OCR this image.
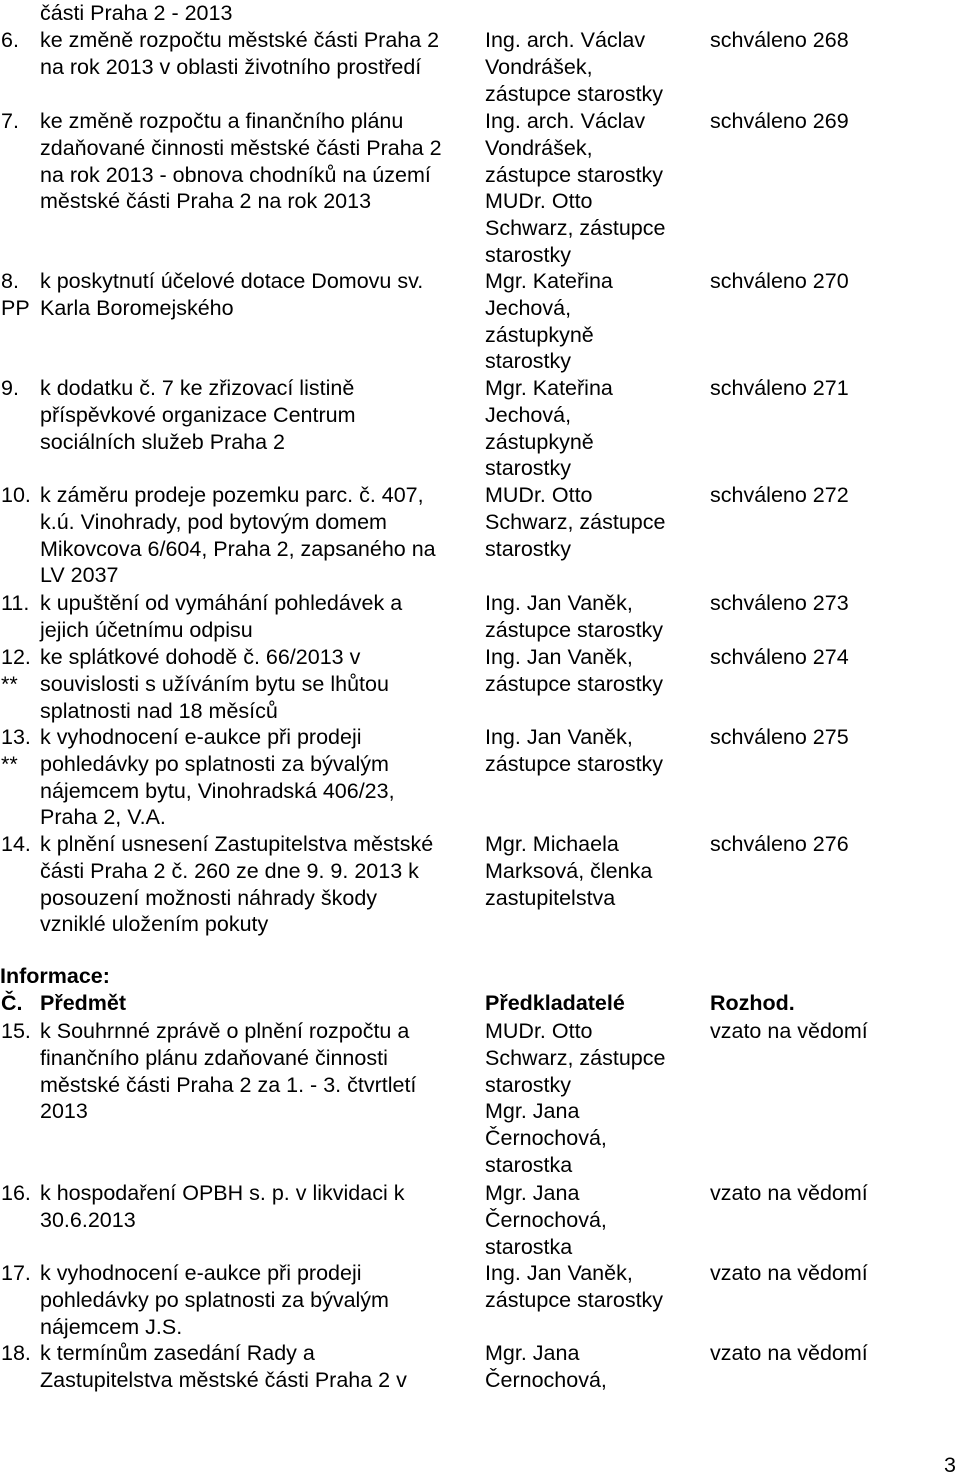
části Praha 2 - 2013
6. ke změně rozpočtu městské části Praha 2
na rok 2013 v oblasti životního prostředí
Ing. arch. Václav
Vondrášek,
zástupce starostky
schváleno 268
7. ke změně rozpočtu a finančního plánu
zdaňované činnosti městské části Praha 2
na rok 2013 - obnova chodníků na území
městské části Praha 2 na rok 2013
Ing. arch. Václav
Vondrášek,
zástupce starostky
MUDr. Otto
Schwarz, zástupce
starostky
schváleno 269
8.
PP
k poskytnutí účelové dotace Domovu sv.
Karla Boromejského
Mgr. Kateřina
Jechová,
zástupkyně
starostky
schváleno 270
9. k dodatku č. 7 ke zřizovací listině
příspěvkové organizace Centrum
sociálních služeb Praha 2
Mgr. Kateřina
Jechová,
zástupkyně
starostky
schváleno 271
10. k záměru prodeje pozemku parc. č. 407,
k.ú. Vinohrady, pod bytovým domem
Mikovcova 6/604, Praha 2, zapsaného na
LV 2037
MUDr. Otto
Schwarz, zástupce
starostky
schváleno 272
11. k upuštění od vymáhání pohledávek a
jejich účetnímu odpisu
Ing. Jan Vaněk,
zástupce starostky
schváleno 273
12.
**
ke splátkové dohodě č. 66/2013 v
souvislosti s užíváním bytu se lhůtou
splatnosti nad 18 měsíců
Ing. Jan Vaněk,
zástupce starostky
schváleno 274
13.
**
k vyhodnocení e-aukce při prodeji
pohledávky po splatnosti za bývalým
nájemcem bytu, Vinohradská 406/23,
Praha 2, V.A.
Ing. Jan Vaněk,
zástupce starostky
schváleno 275
14. k plnění usnesení Zastupitelstva městské
části Praha 2 č. 260 ze dne 9. 9. 2013 k
posouzení možnosti náhrady škody
vzniklé uložením pokuty
Mgr. Michaela
Marksová, členka
zastupitelstva
schváleno 276
Informace:
Č. Předmět	Předkladatelé	Rozhod.
15. k Souhrnné zprávě o plnění rozpočtu a
finančního plánu zdaňované činnosti
městské části Praha 2 za 1. - 3. čtvrtletí
2013
MUDr. Otto
Schwarz, zástupce
starostky
Mgr. Jana
Černochová,
starostka
vzato na vědomí
16. k hospodaření OPBH s. p. v likvidaci k
30.6.2013
Mgr. Jana
Černochová,
starostka
vzato na vědomí
17. k vyhodnocení e-aukce při prodeji
pohledávky po splatnosti za bývalým
nájemcem J.S.
Ing. Jan Vaněk,
zástupce starostky
vzato na vědomí
18. k termínům zasedání Rady a
Zastupitelstva městské části Praha 2 v
Mgr. Jana
Černochová,
vzato na vědomí
3
